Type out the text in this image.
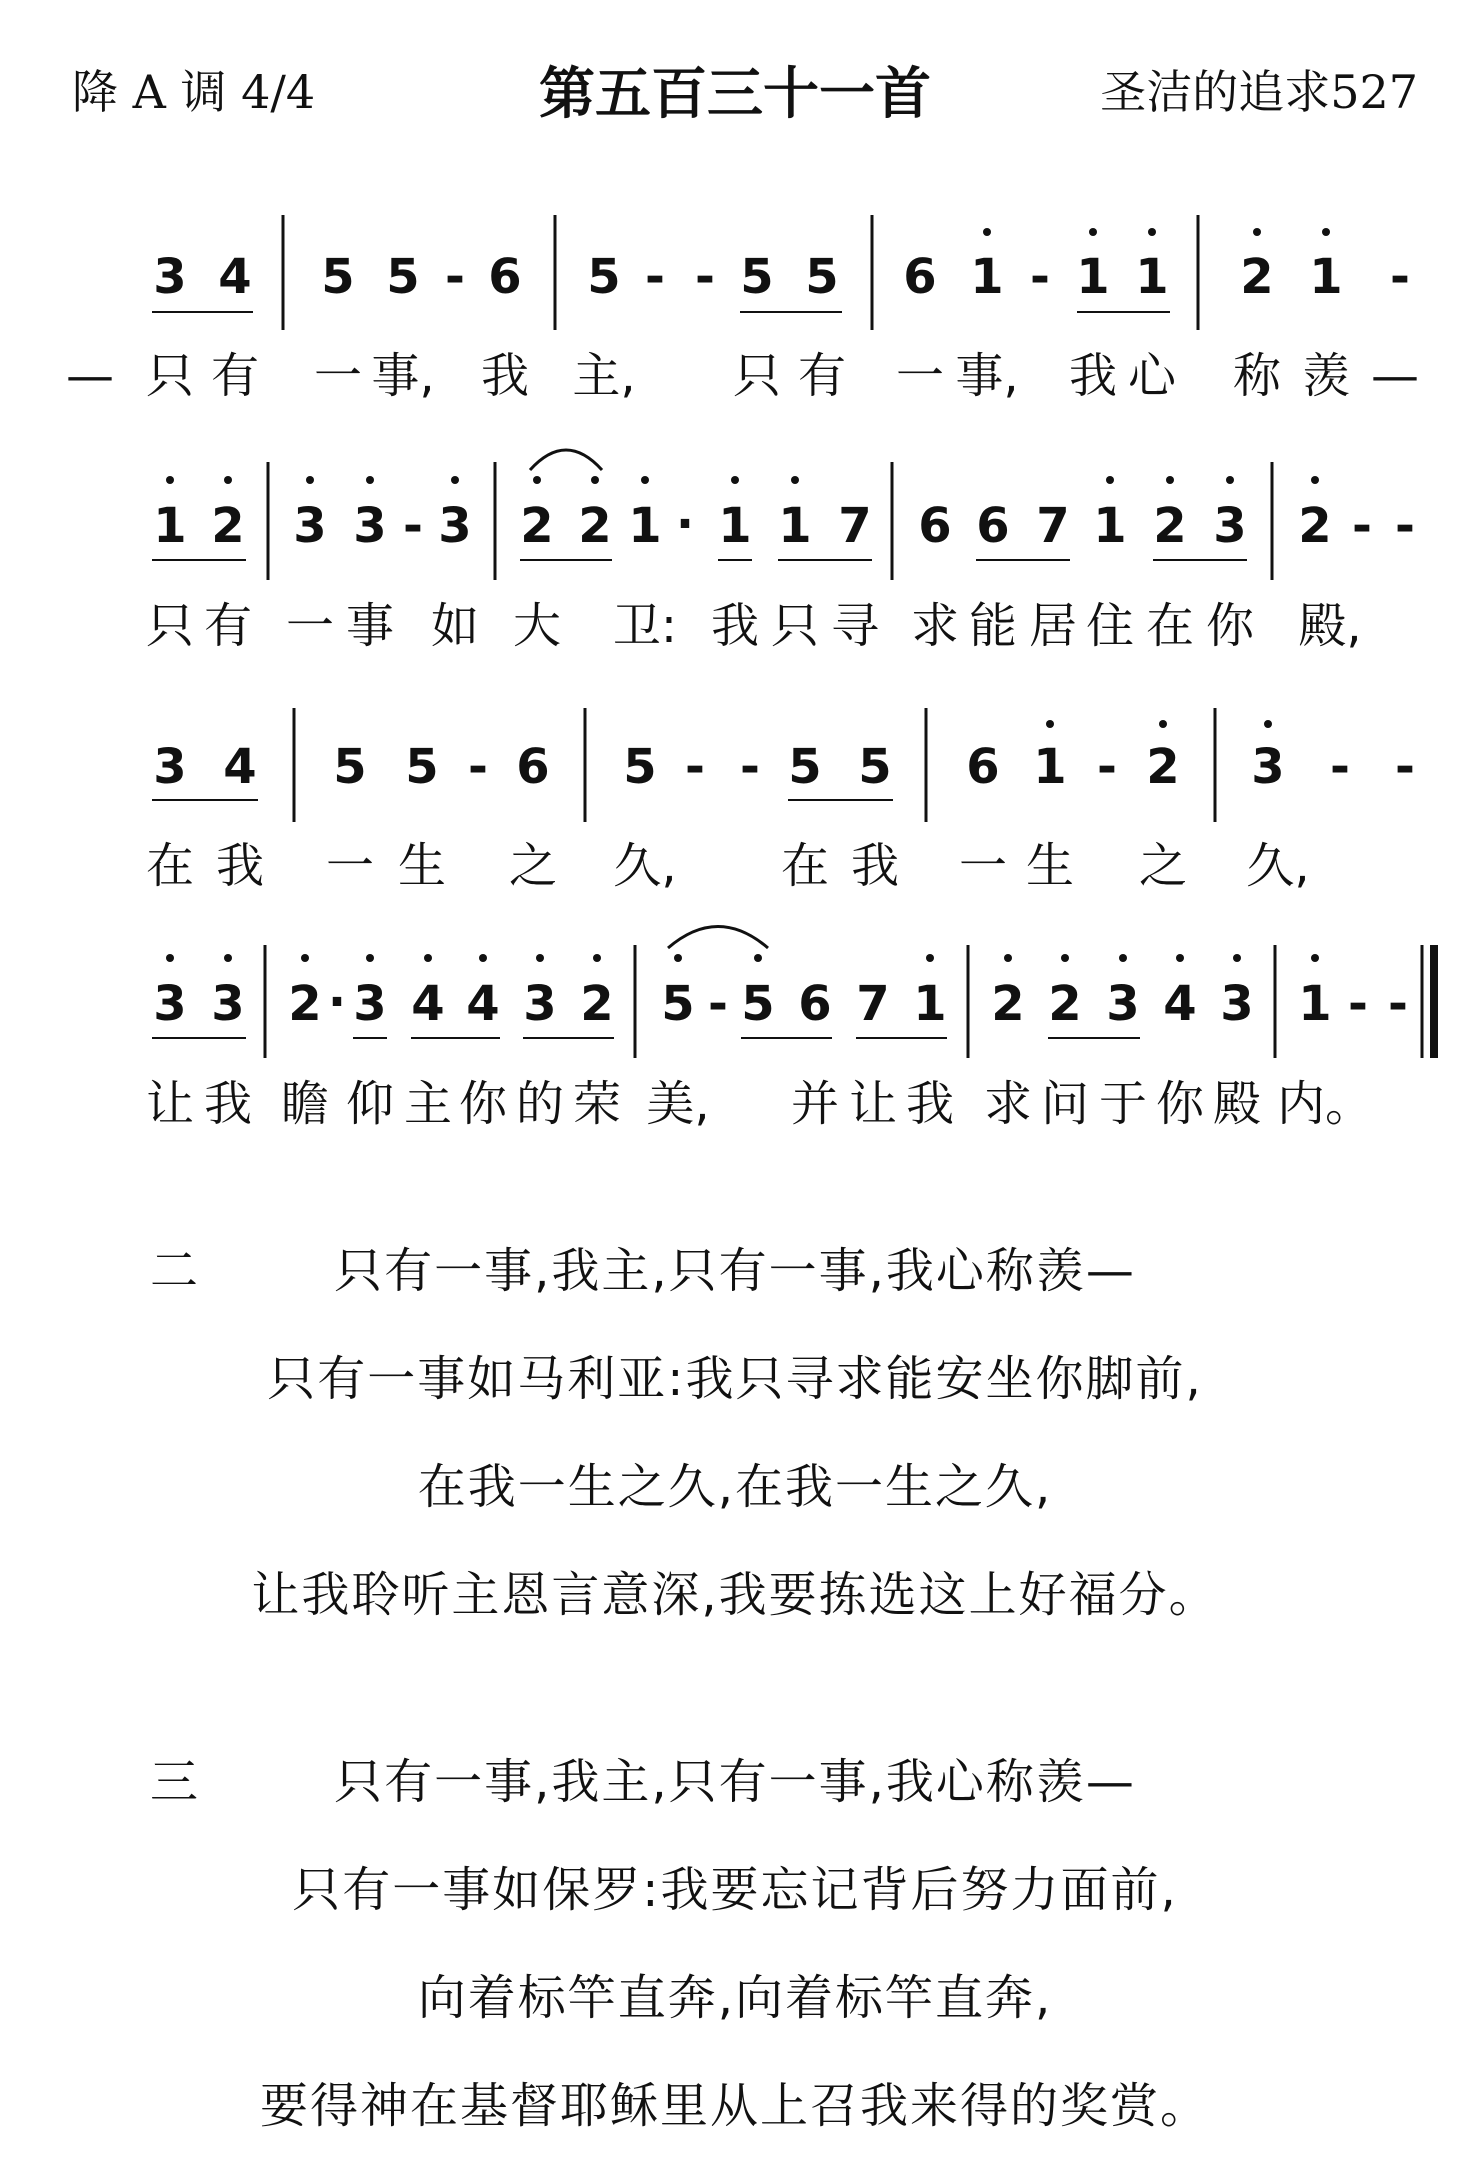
降 A 调 4/4	第五百三十一首	圣洁的追求527
3 4 5 5 - 6 5 - - 5 5 6 1 - 1 1 2 1 -
— 只 有 一 事, 我 主, 只 有 一 事, 我 心 称 羡 —
1 2 3 3 - 3 2 2 1 · 1 1 7 6 6 7 1 2 3 2 - -
只 有 一 事 如 大 卫: 我 只 寻 求 能 居 住 在 你 殿,
3 4 5 5 - 6 5 - - 5 5 6 1 - 2 3 - -
在 我 一 生 之 久, 在 我 一 生 之 久,
3 3 2 · 3 4 4 3 2 5 - 5 6 7 1 2 2 3 4 3 1 - -
让 我 瞻 仰 主 你 的 荣 美, 并 让 我 求 问 于 你 殿 内。
二	只有一事,我主,只有一事,我心称羡—
只有一事如马利亚:我只寻求能安坐你脚前,
在我一生之久,在我一生之久,
让我聆听主恩言意深,我要拣选这上好福分。
三	只有一事,我主,只有一事,我心称羡—
只有一事如保罗:我要忘记背后努力面前,
向着标竿直奔,向着标竿直奔,
要得神在基督耶稣里从上召我来得的奖赏。
